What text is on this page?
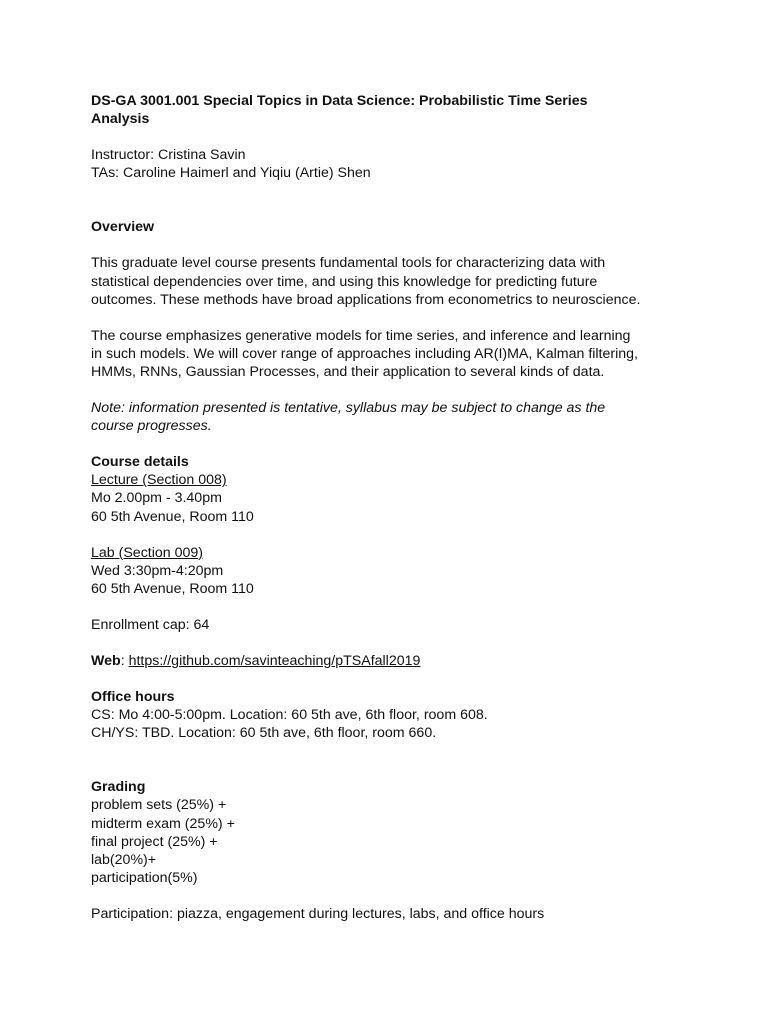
DS-GA 3001.001 Special Topics in Data Science: Probabilistic Time Series
Analysis
Instructor: Cristina Savin
TAs: Caroline Haimerl and Yiqiu (Artie) Shen
Overview
This graduate level course presents fundamental tools for characterizing data with
statistical dependencies over time, and using this knowledge for predicting future
outcomes. These methods have broad applications from econometrics to neuroscience.
The course emphasizes generative models for time series, and inference and learning
in such models. We will cover range of approaches including AR(I)MA, Kalman filtering,
HMMs, RNNs, Gaussian Processes, and their application to several kinds of data.
Note: information presented is tentative, syllabus may be subject to change as the
course progresses.
Course details
Lecture (Section 008)
Mo 2.00pm - 3.40pm
60 5th Avenue, Room 110
Lab (Section 009)
Wed 3:30pm-4:20pm
60 5th Avenue, Room 110
Enrollment cap: 64
Web: https://github.com/savinteaching/pTSAfall2019
Office hours
CS: Mo 4:00-5:00pm. Location: 60 5th ave, 6th floor, room 608.
CH/YS: TBD. Location: 60 5th ave, 6th floor, room 660.
Grading
problem sets (25%) +
midterm exam (25%) +
final project (25%) +
lab(20%)+
participation(5%)
Participation: piazza, engagement during lectures, labs, and office hours
